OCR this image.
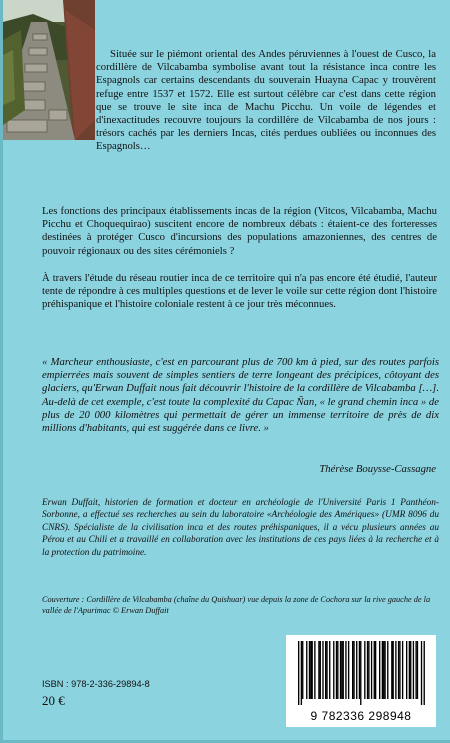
Située sur le piémont oriental des Andes péruviennes à l'ouest de Cusco, la cordillère de Vilcabamba symbolise avant tout la résistance inca contre les Espagnols car certains descendants du souverain Huayna Capac y trouvèrent refuge entre 1537 et 1572. Elle est surtout célèbre car c'est dans cette région que se trouve le site inca de Machu Picchu. Un voile de légendes et d'inexactitudes recouvre toujours la cordillère de Vilcabamba de nos jours : trésors cachés par les derniers Incas, cités perdues oubliées ou inconnues des Espagnols…

Les fonctions des principaux établissements incas de la région (Vitcos, Vilcabamba, Machu Picchu et Choquequirao) suscitent encore de nombreux débats : étaient-ce des forteresses destinées à protéger Cusco d'incursions des populations amazoniennes, des centres de pouvoir régionaux ou des sites cérémoniels ?

À travers l'étude du réseau routier inca de ce territoire qui n'a pas encore été étudié, l'auteur tente de répondre à ces multiples questions et de lever le voile sur cette région dont l'histoire préhispanique et l'histoire coloniale restent à ce jour très méconnues.

« Marcheur enthousiaste, c'est en parcourant plus de 700 km à pied, sur des routes parfois empierrées mais souvent de simples sentiers de terre longeant des précipices, côtoyant des glaciers, qu'Erwan Duffait nous fait découvrir l'histoire de la cordillère de Vilcabamba […]. Au-delà de cet exemple, c'est toute la complexité du Capac Ñan, « le grand chemin inca » de plus de 20 000 kilomètres qui permettait de gérer un immense territoire de près de dix millions d'habitants, qui est suggérée dans ce livre. »

Thérèse Bouysse-Cassagne

Erwan Duffait, historien de formation et docteur en archéologie de l'Université Paris 1 Panthéon-Sorbonne, a effectué ses recherches au sein du laboratoire «Archéologie des Amériques» (UMR 8096 du CNRS). Spécialiste de la civilisation inca et des routes préhispaniques, il a vécu plusieurs années au Pérou et au Chili et a travaillé en collaboration avec les institutions de ces pays liées à la recherche et à la protection du patrimoine.

Couverture : Cordillère de Vilcabamba (chaîne du Quishuar) vue depuis la zone de Cochora sur la rive gauche de la vallée de l'Apurimac © Erwan Duffait

ISBN : 978-2-336-29894-8
20 €
9 782336 298948
